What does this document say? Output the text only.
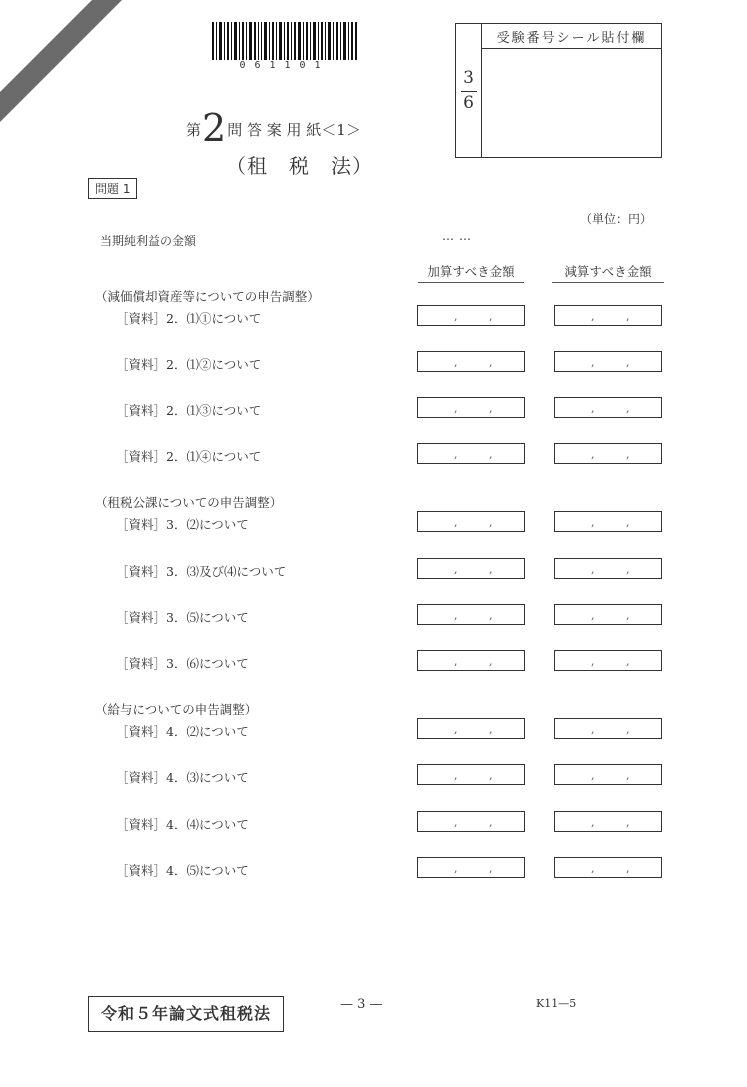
061101
第2問 答 案 用 紙＜1＞
（租　税　法）
受験番号シール貼付欄
3
6
問題 1
（単位：円）
当期純利益の金額	……
加算すべき金額	減算すべき金額
（減価償却資産等についての申告調整）
［資料］2．⑴①について	,	,	,	,
［資料］2．⑴②について	,	,	,	,
［資料］2．⑴③について	,	,	,	,
［資料］2．⑴④について	,	,	,	,
（租税公課についての申告調整）
［資料］3．⑵について	,	,	,	,
［資料］3．⑶及び⑷について	,	,	,	,
［資料］3．⑸について	,	,	,	,
［資料］3．⑹について	,	,	,	,
（給与についての申告調整）
［資料］4．⑵について	,	,	,	,
［資料］4．⑶について	,	,	,	,
［資料］4．⑷について	,	,	,	,
［資料］4．⑸について	,	,	,	,
令和５年論文式租税法	— 3 —	K11—5
